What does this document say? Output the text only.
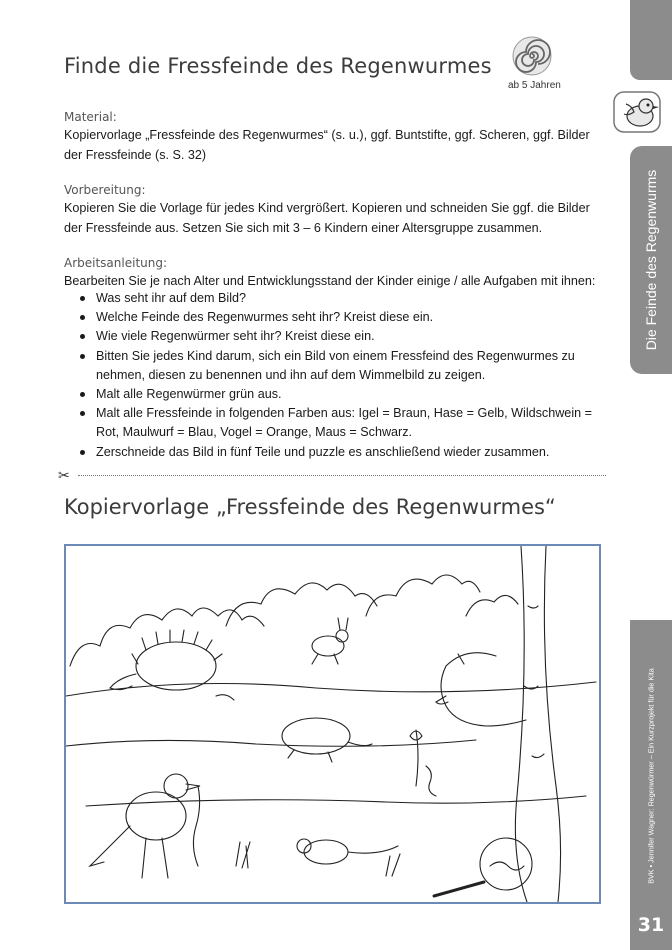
Finde die Fressfeinde des Regenwurmes
ab 5 Jahren
Material:
Kopiervorlage „Fressfeinde des Regenwurmes“ (s. u.), ggf. Buntstifte, ggf. Scheren, ggf. Bilder der Fressfeinde (s. S. 32)
Vorbereitung:
Kopieren Sie die Vorlage für jedes Kind vergrößert. Kopieren und schneiden Sie ggf. die Bilder der Fressfeinde aus. Setzen Sie sich mit 3 – 6 Kindern einer Altersgruppe zusammen.
Arbeitsanleitung:
Bearbeiten Sie je nach Alter und Entwicklungsstand der Kinder einige / alle Aufgaben mit ihnen:
Was seht ihr auf dem Bild?
Welche Feinde des Regenwurmes seht ihr? Kreist diese ein.
Wie viele Regenwürmer seht ihr? Kreist diese ein.
Bitten Sie jedes Kind darum, sich ein Bild von einem Fressfeind des Regenwurmes zu nehmen, diesen zu benennen und ihn auf dem Wimmelbild zu zeigen.
Malt alle Regenwürmer grün aus.
Malt alle Fressfeinde in folgenden Farben aus: Igel = Braun, Hase = Gelb, Wildschwein = Rot, Maulwurf = Blau, Vogel = Orange, Maus = Schwarz.
Zerschneide das Bild in fünf Teile und puzzle es anschließend wieder zusammen.
✂
Kopiervorlage „Fressfeinde des Regenwurmes“
Die Feinde des Regenwurms
BVK • Jennifer Wagner: Regenwürmer – Ein Kurzprojekt für die Kita
31
